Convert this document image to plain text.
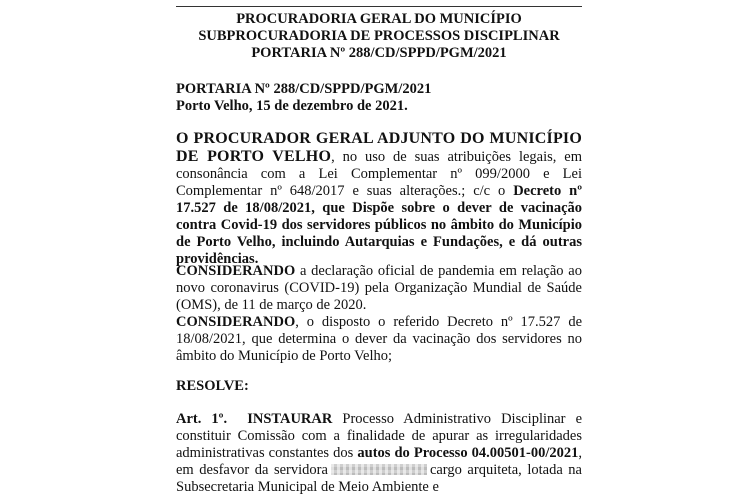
PROCURADORIA GERAL DO MUNICÍPIO
SUBPROCURADORIA DE PROCESSOS DISCIPLINAR
PORTARIA Nº 288/CD/SPPD/PGM/2021
PORTARIA Nº 288/CD/SPPD/PGM/2021
Porto Velho, 15 de dezembro de 2021.
O PROCURADOR GERAL ADJUNTO DO MUNICÍPIO DE PORTO VELHO, no uso de suas atribuições legais, em consonância com a Lei Complementar nº 099/2000 e Lei Complementar nº 648/2017 e suas alterações.; c/c o Decreto nº 17.527 de 18/08/2021, que Dispõe sobre o dever de vacinação contra Covid-19 dos servidores públicos no âmbito do Município de Porto Velho, incluindo Autarquias e Fundações, e dá outras providências.
CONSIDERANDO a declaração oficial de pandemia em relação ao novo coronavirus (COVID-19) pela Organização Mundial de Saúde (OMS), de 11 de março de 2020.
CONSIDERANDO, o disposto o referido Decreto nº 17.527 de 18/08/2021, que determina o dever da vacinação dos servidores no âmbito do Município de Porto Velho;
RESOLVE:
Art. 1º. INSTAURAR Processo Administrativo Disciplinar e constituir Comissão com a finalidade de apurar as irregularidades administrativas constantes dos autos do Processo 04.00501-00/2021, em desfavor da servidora	cargo arquiteta, lotada na Subsecretaria Municipal de Meio Ambiente e
